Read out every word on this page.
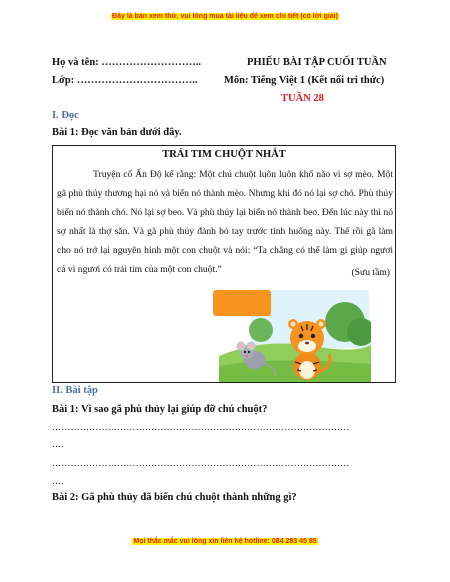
Đây là bản xem thử, vui lòng mua tài liệu để xem chi tiết (có lời giải)
Họ và tên: ………………………..
Lớp: ……………………………..
PHIẾU BÀI TẬP CUỐI TUẦN
Môn: Tiếng Việt 1 (Kết nối tri thức)
TUẦN 28
I. Đọc
Bài 1: Đọc văn bản dưới đây.
TRÁI TIM CHUỘT NHẮT

Truyện cổ Ấn Độ kể rằng: Một chú chuột luôn luôn khổ não vì sợ mèo. Một gã phù thủy thương hại nó và biến nó thành mèo. Nhưng khi đó nó lại sợ chó. Phù thủy biến nó thành chó. Nó lại sợ beo. Và phù thủy lại biến nó thành beo. Đến lúc này thì nó sợ nhất là thợ săn. Và gã phù thủy đành bó tay trước tình huống này. Thế rồi gã làm cho nó trở lại nguyên hình một con chuột và nói: “Ta chẳng có thể làm gì giúp ngươi cả vì ngươi có trái tim của một con chuột.”	(Sưu tầm)
II. Bài tập
Bài 1: Vì sao gã phù thủy lại giúp đỡ chú chuột?
……………………………………………………………………………………
….
……………………………………………………………………………………
….
Bài 2: Gã phù thủy đã biến chú chuột thành những gì?
Mọi thắc mắc vui lòng xin liên hệ hotline: 084 283 45 85
